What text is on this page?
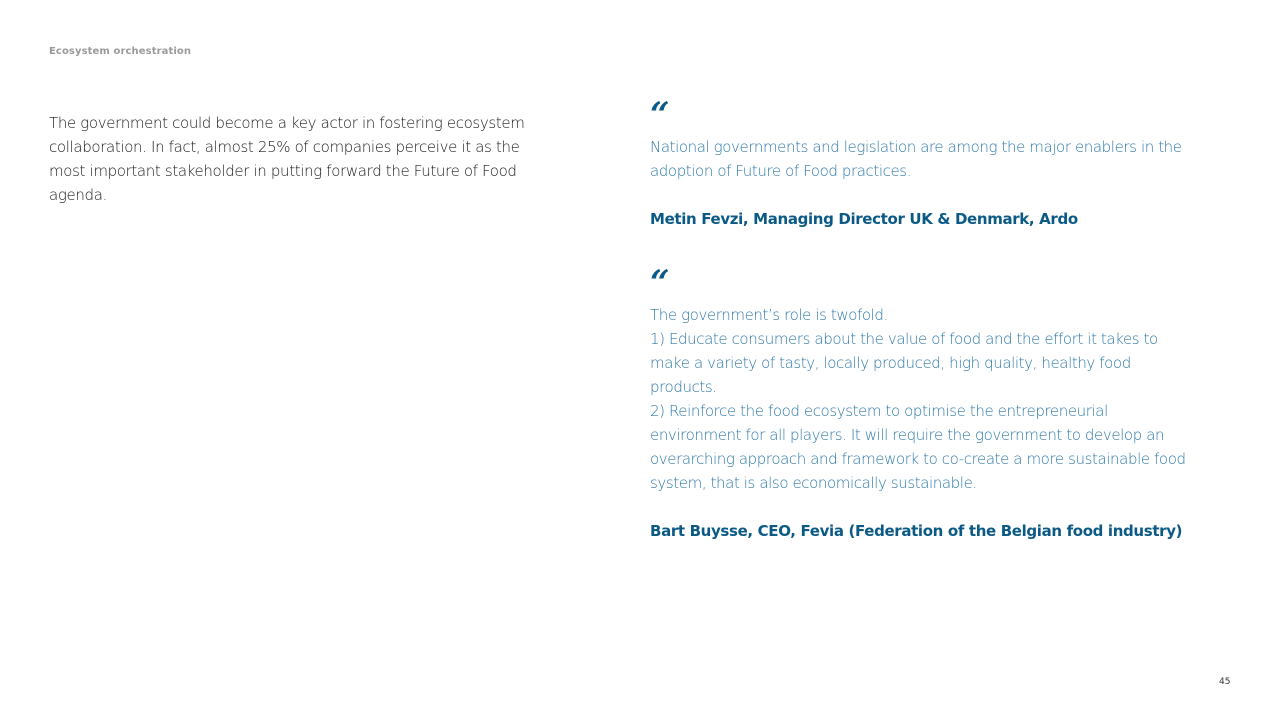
Ecosystem orchestration

The government could become a key actor in fostering ecosystem collaboration. In fact, almost 25% of companies perceive it as the most important stakeholder in putting forward the Future of Food agenda.

“
National governments and legislation are among the major enablers in the adoption of Future of Food practices.
Metin Fevzi, Managing Director UK & Denmark, Ardo
“
The government’s role is twofold.
1) Educate consumers about the value of food and the effort it takes to make a variety of tasty, locally produced, high quality, healthy food products.
2) Reinforce the food ecosystem to optimise the entrepreneurial environment for all players. It will require the government to develop an overarching approach and framework to co-create a more sustainable food system, that is also economically sustainable.
Bart Buysse, CEO, Fevia (Federation of the Belgian food industry)
45
